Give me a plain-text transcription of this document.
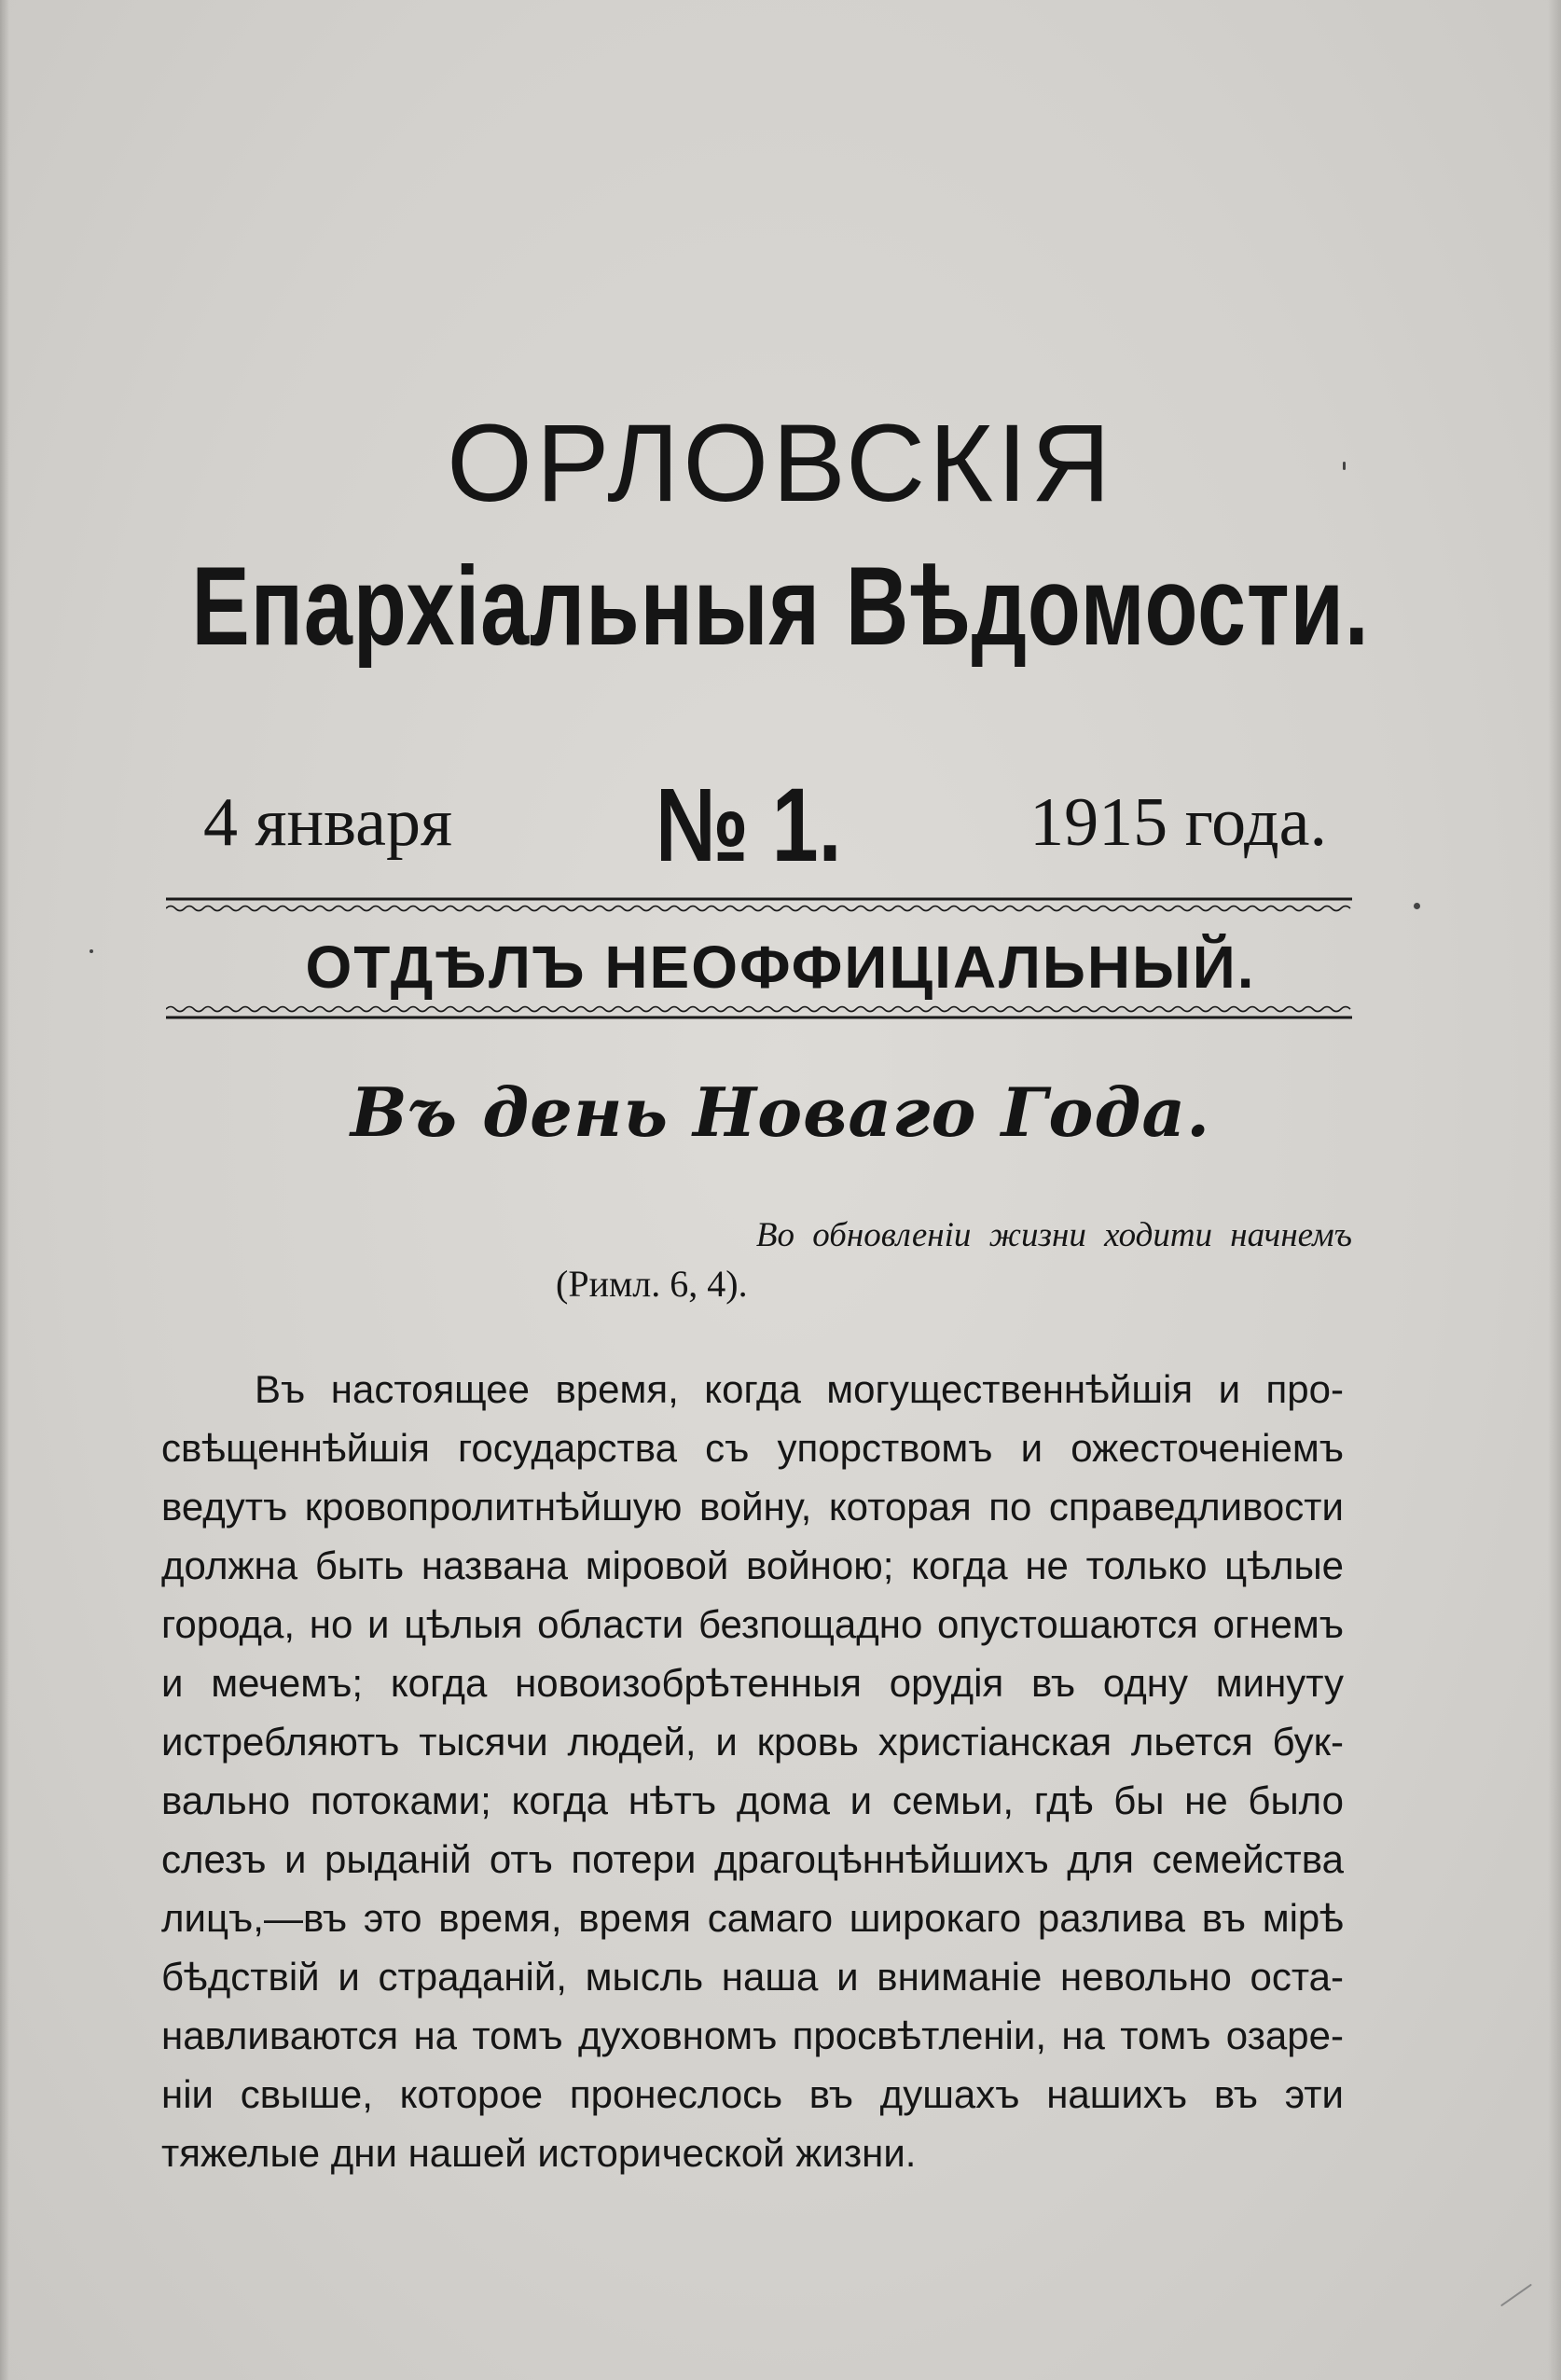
ОРЛОВСКІЯ
Епархіальныя Вѣдомости.
4 января № 1.	1915 года.
ОТДѢЛЪ НЕОФФИЦІАЛЬНЫЙ.
Въ день Новаго Года.
Во обновленіи жизни ходити начнемъ
(Римл. 6, 4).
Въ настоящее время, когда могущественнѣйшія и про-
свѣщеннѣйшія государства съ упорствомъ и ожесточеніемъ
ведутъ кровопролитнѣйшую войну, которая по справедливости
должна быть названа міровой войною; когда не только цѣлые
города, но и цѣлыя области безпощадно опустошаются огнемъ
и мечемъ; когда новоизобрѣтенныя орудія въ одну минуту
истребляютъ тысячи людей, и кровь христіанская льется бук-
вально потоками; когда нѣтъ дома и семьи, гдѣ бы не было
слезъ и рыданій отъ потери драгоцѣннѣйшихъ для семейства
лицъ,—въ это время, время самаго широкаго разлива въ мірѣ
бѣдствій и страданій, мысль наша и вниманіе невольно оста-
навливаются на томъ духовномъ просвѣтленіи, на томъ озаре-
ніи свыше, которое пронеслось въ душахъ нашихъ въ эти
тяжелые дни нашей исторической жизни.
